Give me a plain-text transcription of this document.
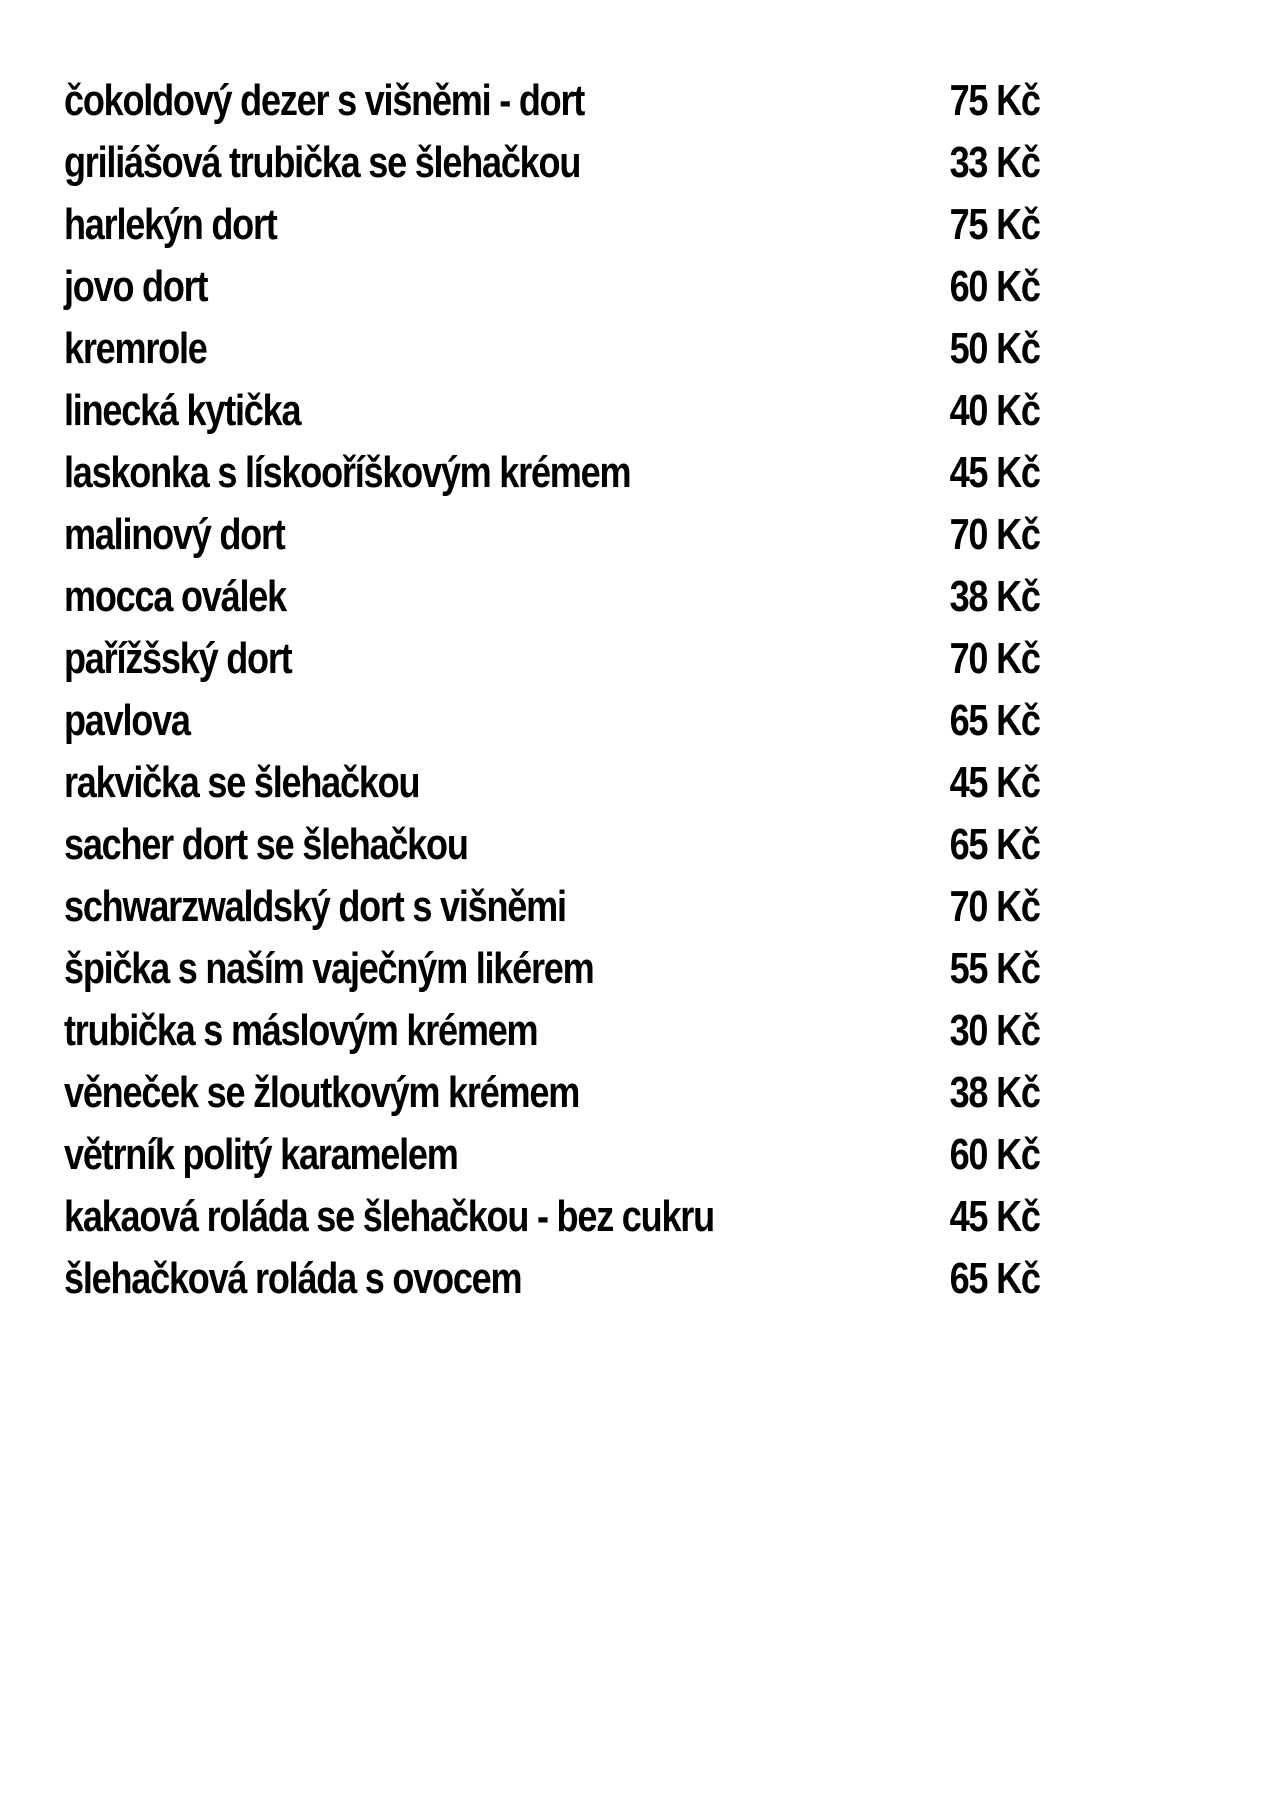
čokoldový dezer s višněmi - dort	75 Kč
griliášová trubička se šlehačkou	33 Kč
harlekýn dort	75 Kč
jovo dort	60 Kč
kremrole	50 Kč
linecká kytička	40 Kč
laskonka s lískooříškovým krémem	45 Kč
malinový dort	70 Kč
mocca oválek	38 Kč
pařížšský dort	70 Kč
pavlova	65 Kč
rakvička se šlehačkou	45 Kč
sacher dort se šlehačkou	65 Kč
schwarzwaldský dort s višněmi	70 Kč
špička s naším vaječným likérem	55 Kč
trubička s máslovým krémem	30 Kč
věneček se žloutkovým krémem	38 Kč
větrník politý karamelem	60 Kč
kakaová roláda se šlehačkou - bez cukru	45 Kč
šlehačková roláda s ovocem	65 Kč
